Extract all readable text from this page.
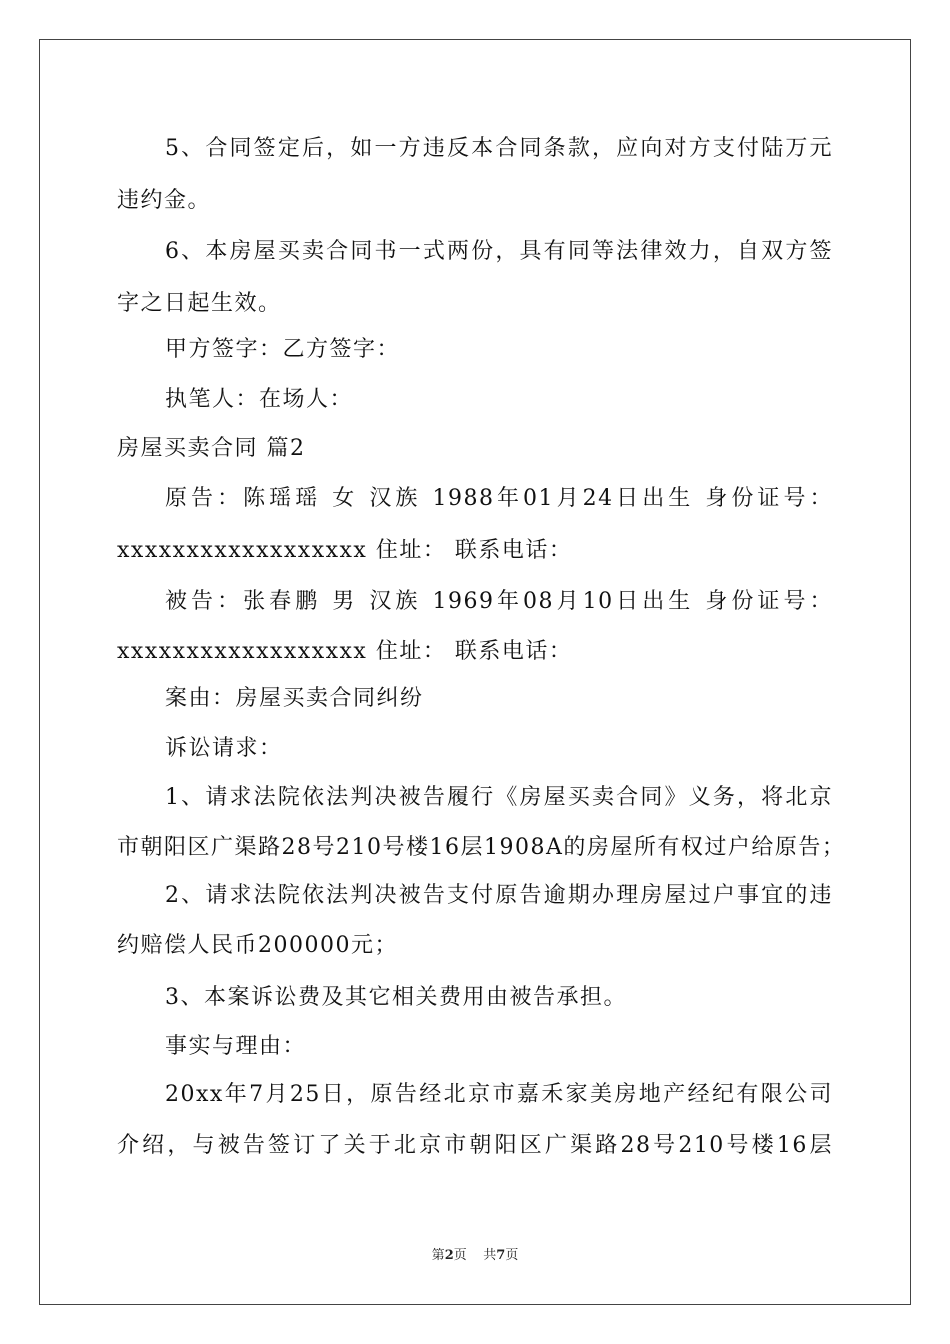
5、合同签定后，如一方违反本合同条款，应向对方支付陆万元
违约金。
6、本房屋买卖合同书一式两份，具有同等法律效力，自双方签
字之日起生效。
甲方签字：乙方签字：
执笔人：在场人：
房屋买卖合同 篇2
原告：陈瑶瑶 女 汉族 1988年01月24日出生 身份证号：
xxxxxxxxxxxxxxxxxx 住址： 联系电话：
被告：张春鹏 男 汉族 1969年08月10日出生 身份证号：
xxxxxxxxxxxxxxxxxx 住址： 联系电话：
案由：房屋买卖合同纠纷
诉讼请求：
1、请求法院依法判决被告履行《房屋买卖合同》义务，将北京
市朝阳区广渠路28号210号楼16层1908A的房屋所有权过户给原告；
2、请求法院依法判决被告支付原告逾期办理房屋过户事宜的违
约赔偿人民币200000元；
3、本案诉讼费及其它相关费用由被告承担。
事实与理由：
20xx年7月25日，原告经北京市嘉禾家美房地产经纪有限公司
介绍，与被告签订了关于北京市朝阳区广渠路28号210号楼16层
第2页    共7页
